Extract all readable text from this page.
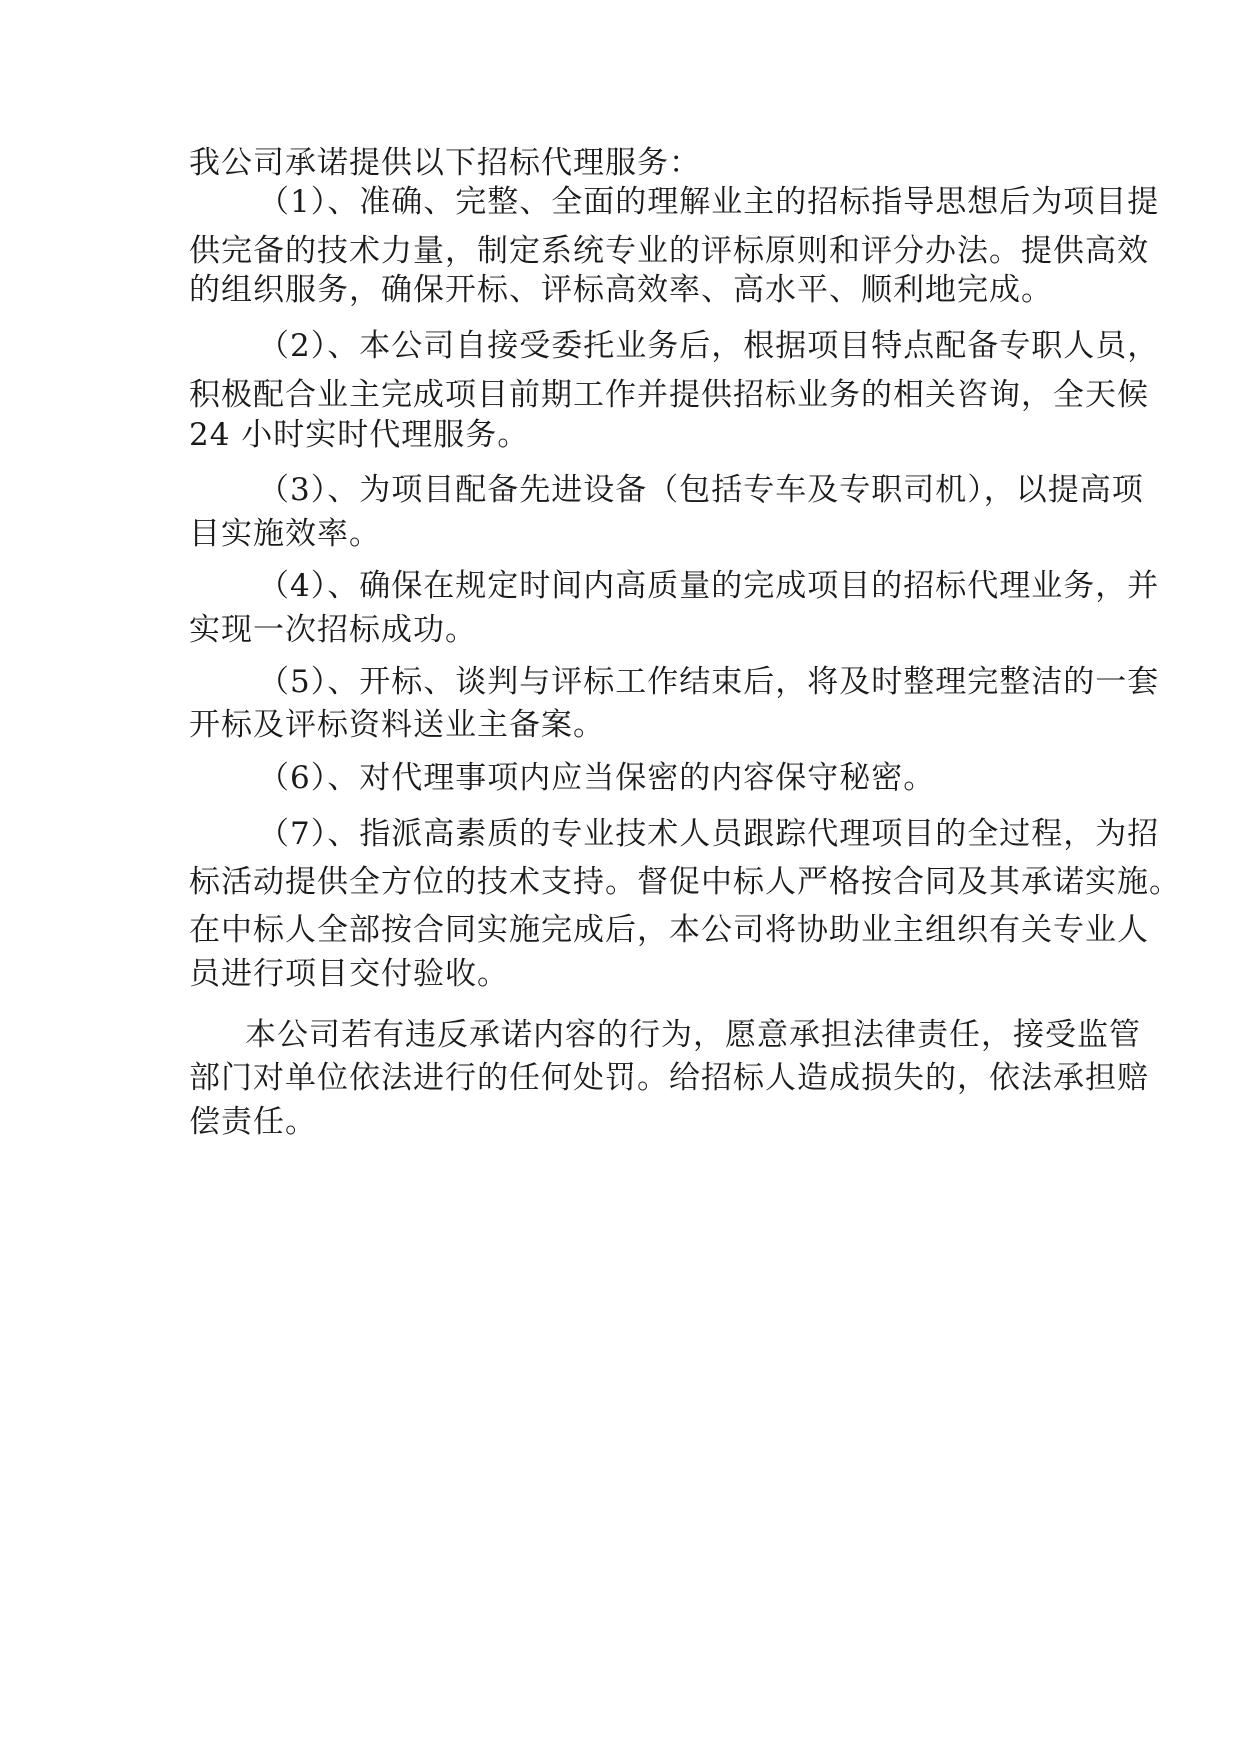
我公司承诺提供以下招标代理服务：
（1）、准确、完整、全面的理解业主的招标指导思想后为项目提
供完备的技术力量，制定系统专业的评标原则和评分办法。提供高效
的组织服务，确保开标、评标高效率、高水平、顺利地完成。
（2）、本公司自接受委托业务后，根据项目特点配备专职人员，
积极配合业主完成项目前期工作并提供招标业务的相关咨询，全天候
24 小时实时代理服务。
（3）、为项目配备先进设备（包括专车及专职司机），以提高项
目实施效率。
（4）、确保在规定时间内高质量的完成项目的招标代理业务，并
实现一次招标成功。
（5）、开标、谈判与评标工作结束后，将及时整理完整洁的一套
开标及评标资料送业主备案。
（6）、对代理事项内应当保密的内容保守秘密。
（7）、指派高素质的专业技术人员跟踪代理项目的全过程，为招
标活动提供全方位的技术支持。督促中标人严格按合同及其承诺实施。
在中标人全部按合同实施完成后，本公司将协助业主组织有关专业人
员进行项目交付验收。
本公司若有违反承诺内容的行为，愿意承担法律责任，接受监管
部门对单位依法进行的任何处罚。给招标人造成损失的，依法承担赔
偿责任。
